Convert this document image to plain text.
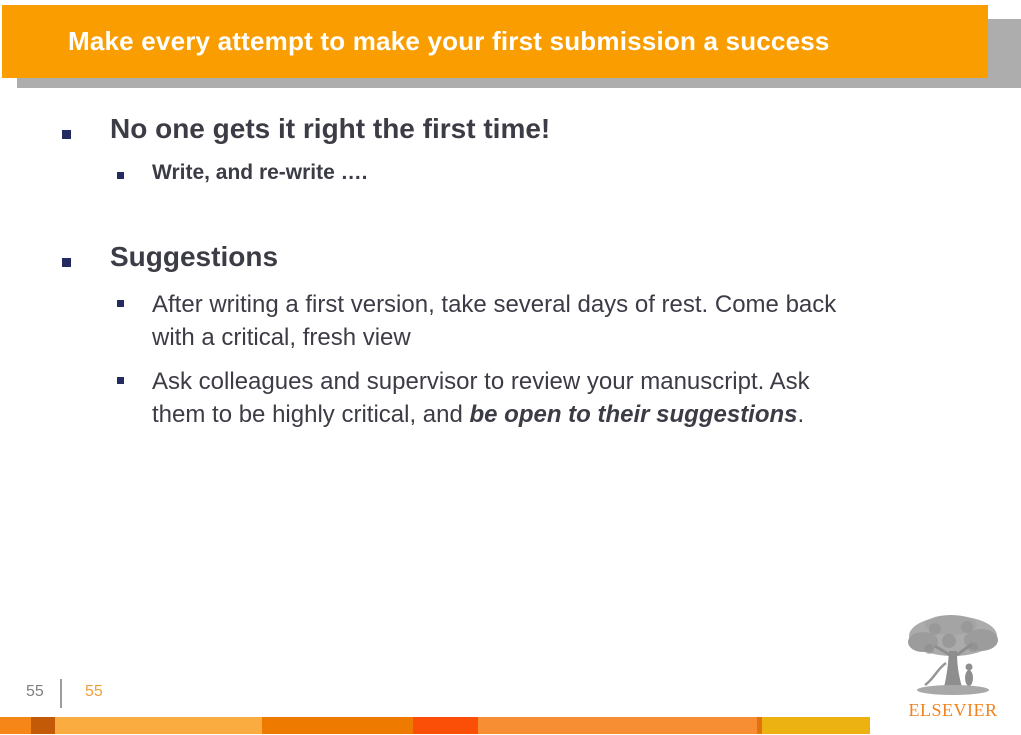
Make every attempt to make your first submission a success
No one gets it right the first time!
Write, and re-write ….
Suggestions
After writing a first version, take several days of rest. Come back with a critical, fresh view
Ask colleagues and supervisor to review your manuscript. Ask them to be highly critical, and be open to their suggestions.
55	55
ELSEVIER
